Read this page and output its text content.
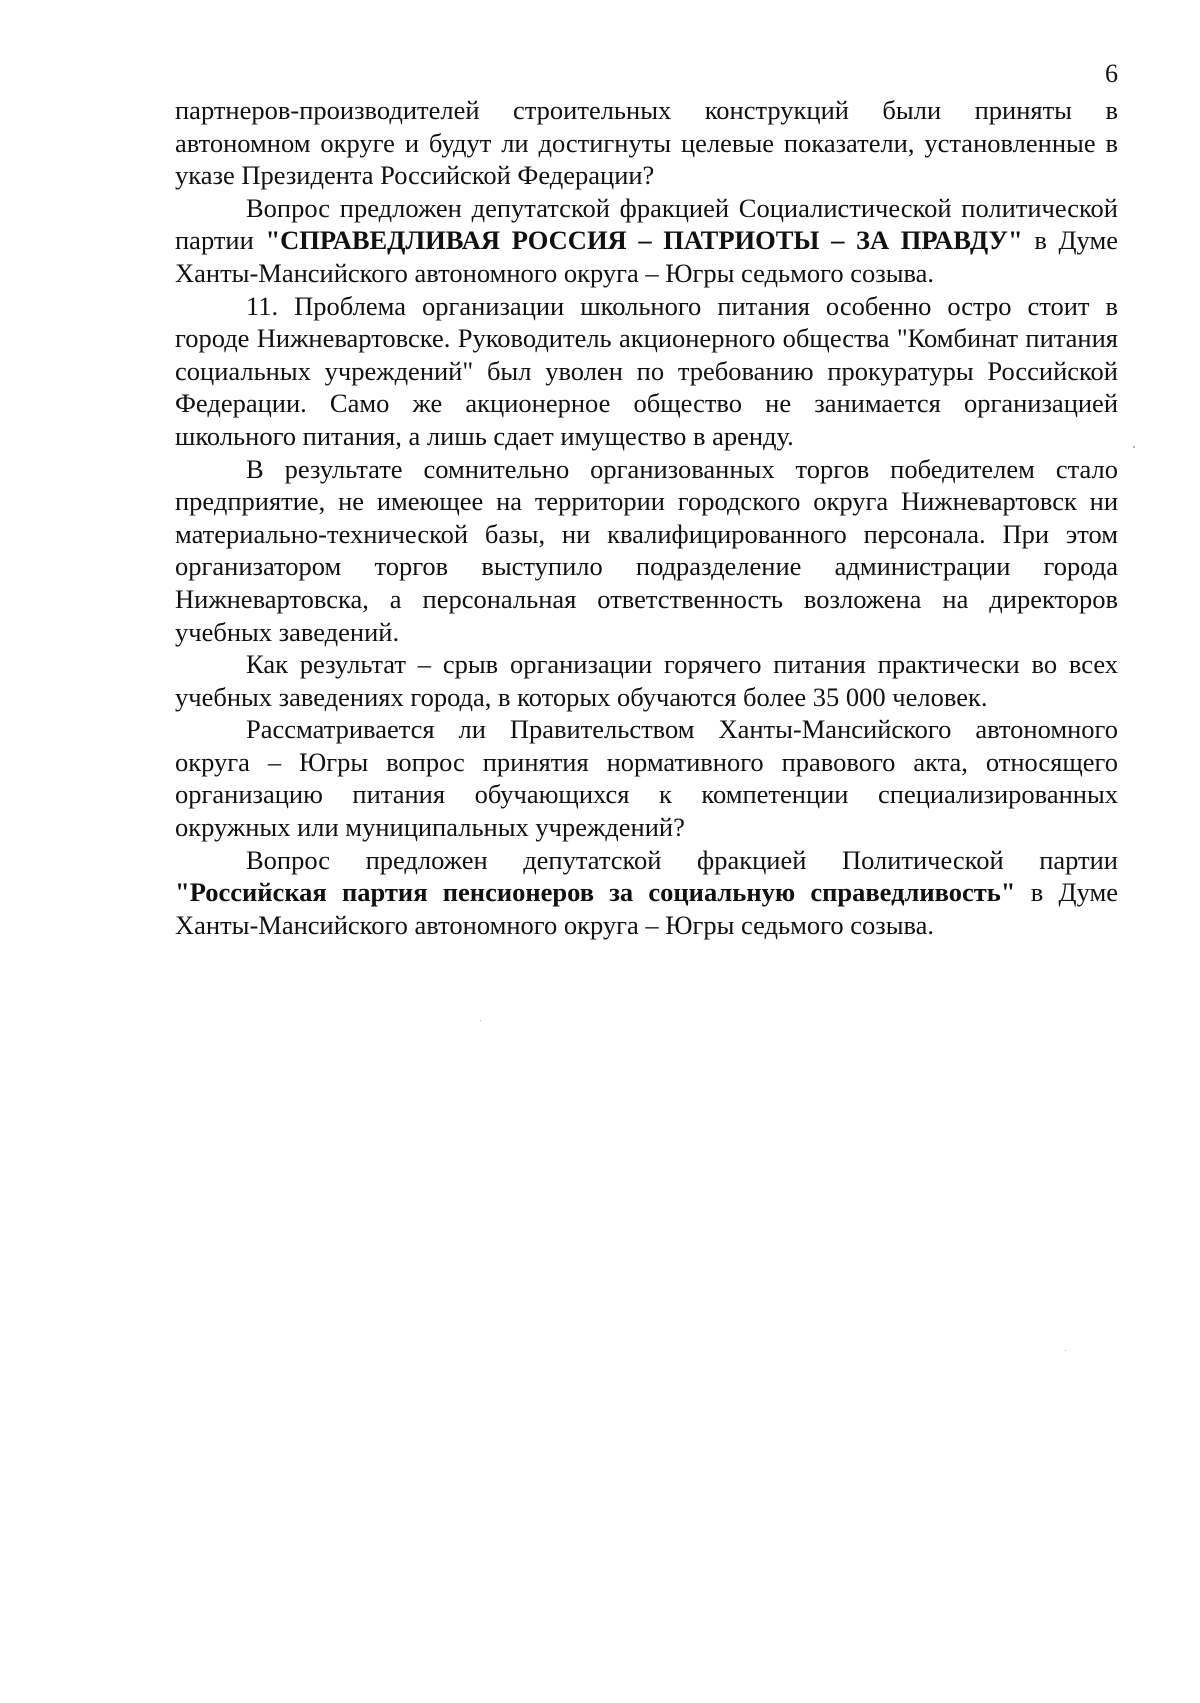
6

партнеров-производителей строительных конструкций были приняты в автономном округе и будут ли достигнуты целевые показатели, установленные в указе Президента Российской Федерации?

Вопрос предложен депутатской фракцией Социалистической политической партии "СПРАВЕДЛИВАЯ РОССИЯ – ПАТРИОТЫ – ЗА ПРАВДУ" в Думе Ханты-Мансийского автономного округа – Югры седьмого созыва.

11. Проблема организации школьного питания особенно остро стоит в городе Нижневартовске. Руководитель акционерного общества "Комбинат питания социальных учреждений" был уволен по требованию прокуратуры Российской Федерации. Само же акционерное общество не занимается организацией школьного питания, а лишь сдает имущество в аренду.

В результате сомнительно организованных торгов победителем стало предприятие, не имеющее на территории городского округа Нижневартовск ни материально-технической базы, ни квалифицированного персонала. При этом организатором торгов выступило подразделение администрации города Нижневартовска, а персональная ответственность возложена на директоров учебных заведений.

Как результат – срыв организации горячего питания практически во всех учебных заведениях города, в которых обучаются более 35 000 человек.

Рассматривается ли Правительством Ханты-Мансийского автономного округа – Югры вопрос принятия нормативного правового акта, относящего организацию питания обучающихся к компетенции специализированных окружных или муниципальных учреждений?

Вопрос предложен депутатской фракцией Политической партии "Российская партия пенсионеров за социальную справедливость" в Думе Ханты-Мансийского автономного округа – Югры седьмого созыва.
